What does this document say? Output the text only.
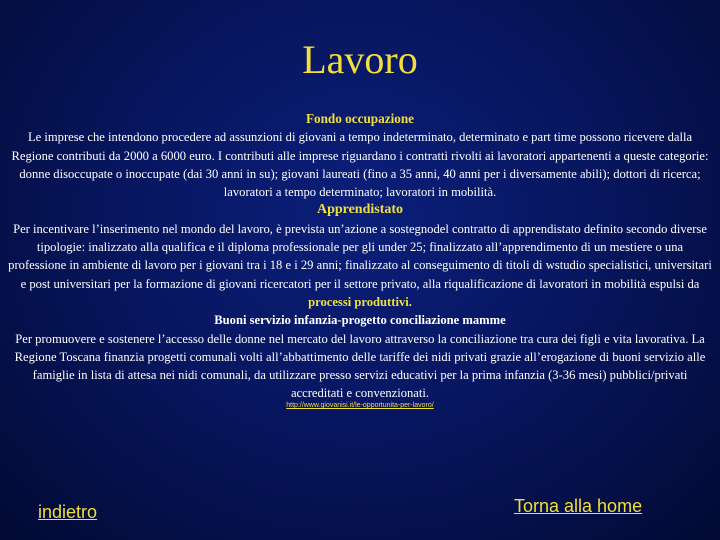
Lavoro

Fondo occupazione

Le imprese che intendono procedere ad assunzioni di giovani a tempo indeterminato, determinato e part time possono ricevere dalla Regione contributi da 2000 a 6000 euro. I contributi alle imprese riguardano i contratti rivolti ai lavoratori appartenenti a queste categorie: donne disoccupate o inoccupate (dai 30 anni in su); giovani laureati (fino a 35 anni, 40 anni per i diversamente abili); dottori di ricerca; lavoratori a tempo determinato; lavoratori in mobilità.

Apprendistato

Per incentivare l’inserimento nel mondo del lavoro, è prevista un’azione a sostegnodel contratto di apprendistato definito secondo diverse tipologie: inalizzato alla qualifica e il diploma professionale per gli under 25; finalizzato all’apprendimento di un mestiere o una professione in ambiente di lavoro per i giovani tra i 18 e i 29 anni; finalizzato al conseguimento di titoli di wstudio specialistici, universitari e post universitari per la formazione di giovani ricercatori per il settore privato, alla riqualificazione di lavoratori in mobilità espulsi da processi produttivi.

Buoni servizio infanzia-progetto conciliazione mamme

Per promuovere e sostenere l’accesso delle donne nel mercato del lavoro attraverso la conciliazione tra cura dei figli e vita lavorativa. La Regione Toscana finanzia progetti comunali volti all’abbattimento delle tariffe dei nidi privati grazie all’erogazione di buoni servizio alle famiglie in lista di attesa nei nidi comunali, da utilizzare presso servizi educativi per la prima infanzia (3-36 mesi) pubblici/privati accreditati e convenzionati.

http://www.giovanisi.it/le-opportunita-per-lavoro/
indietro	Torna alla home
